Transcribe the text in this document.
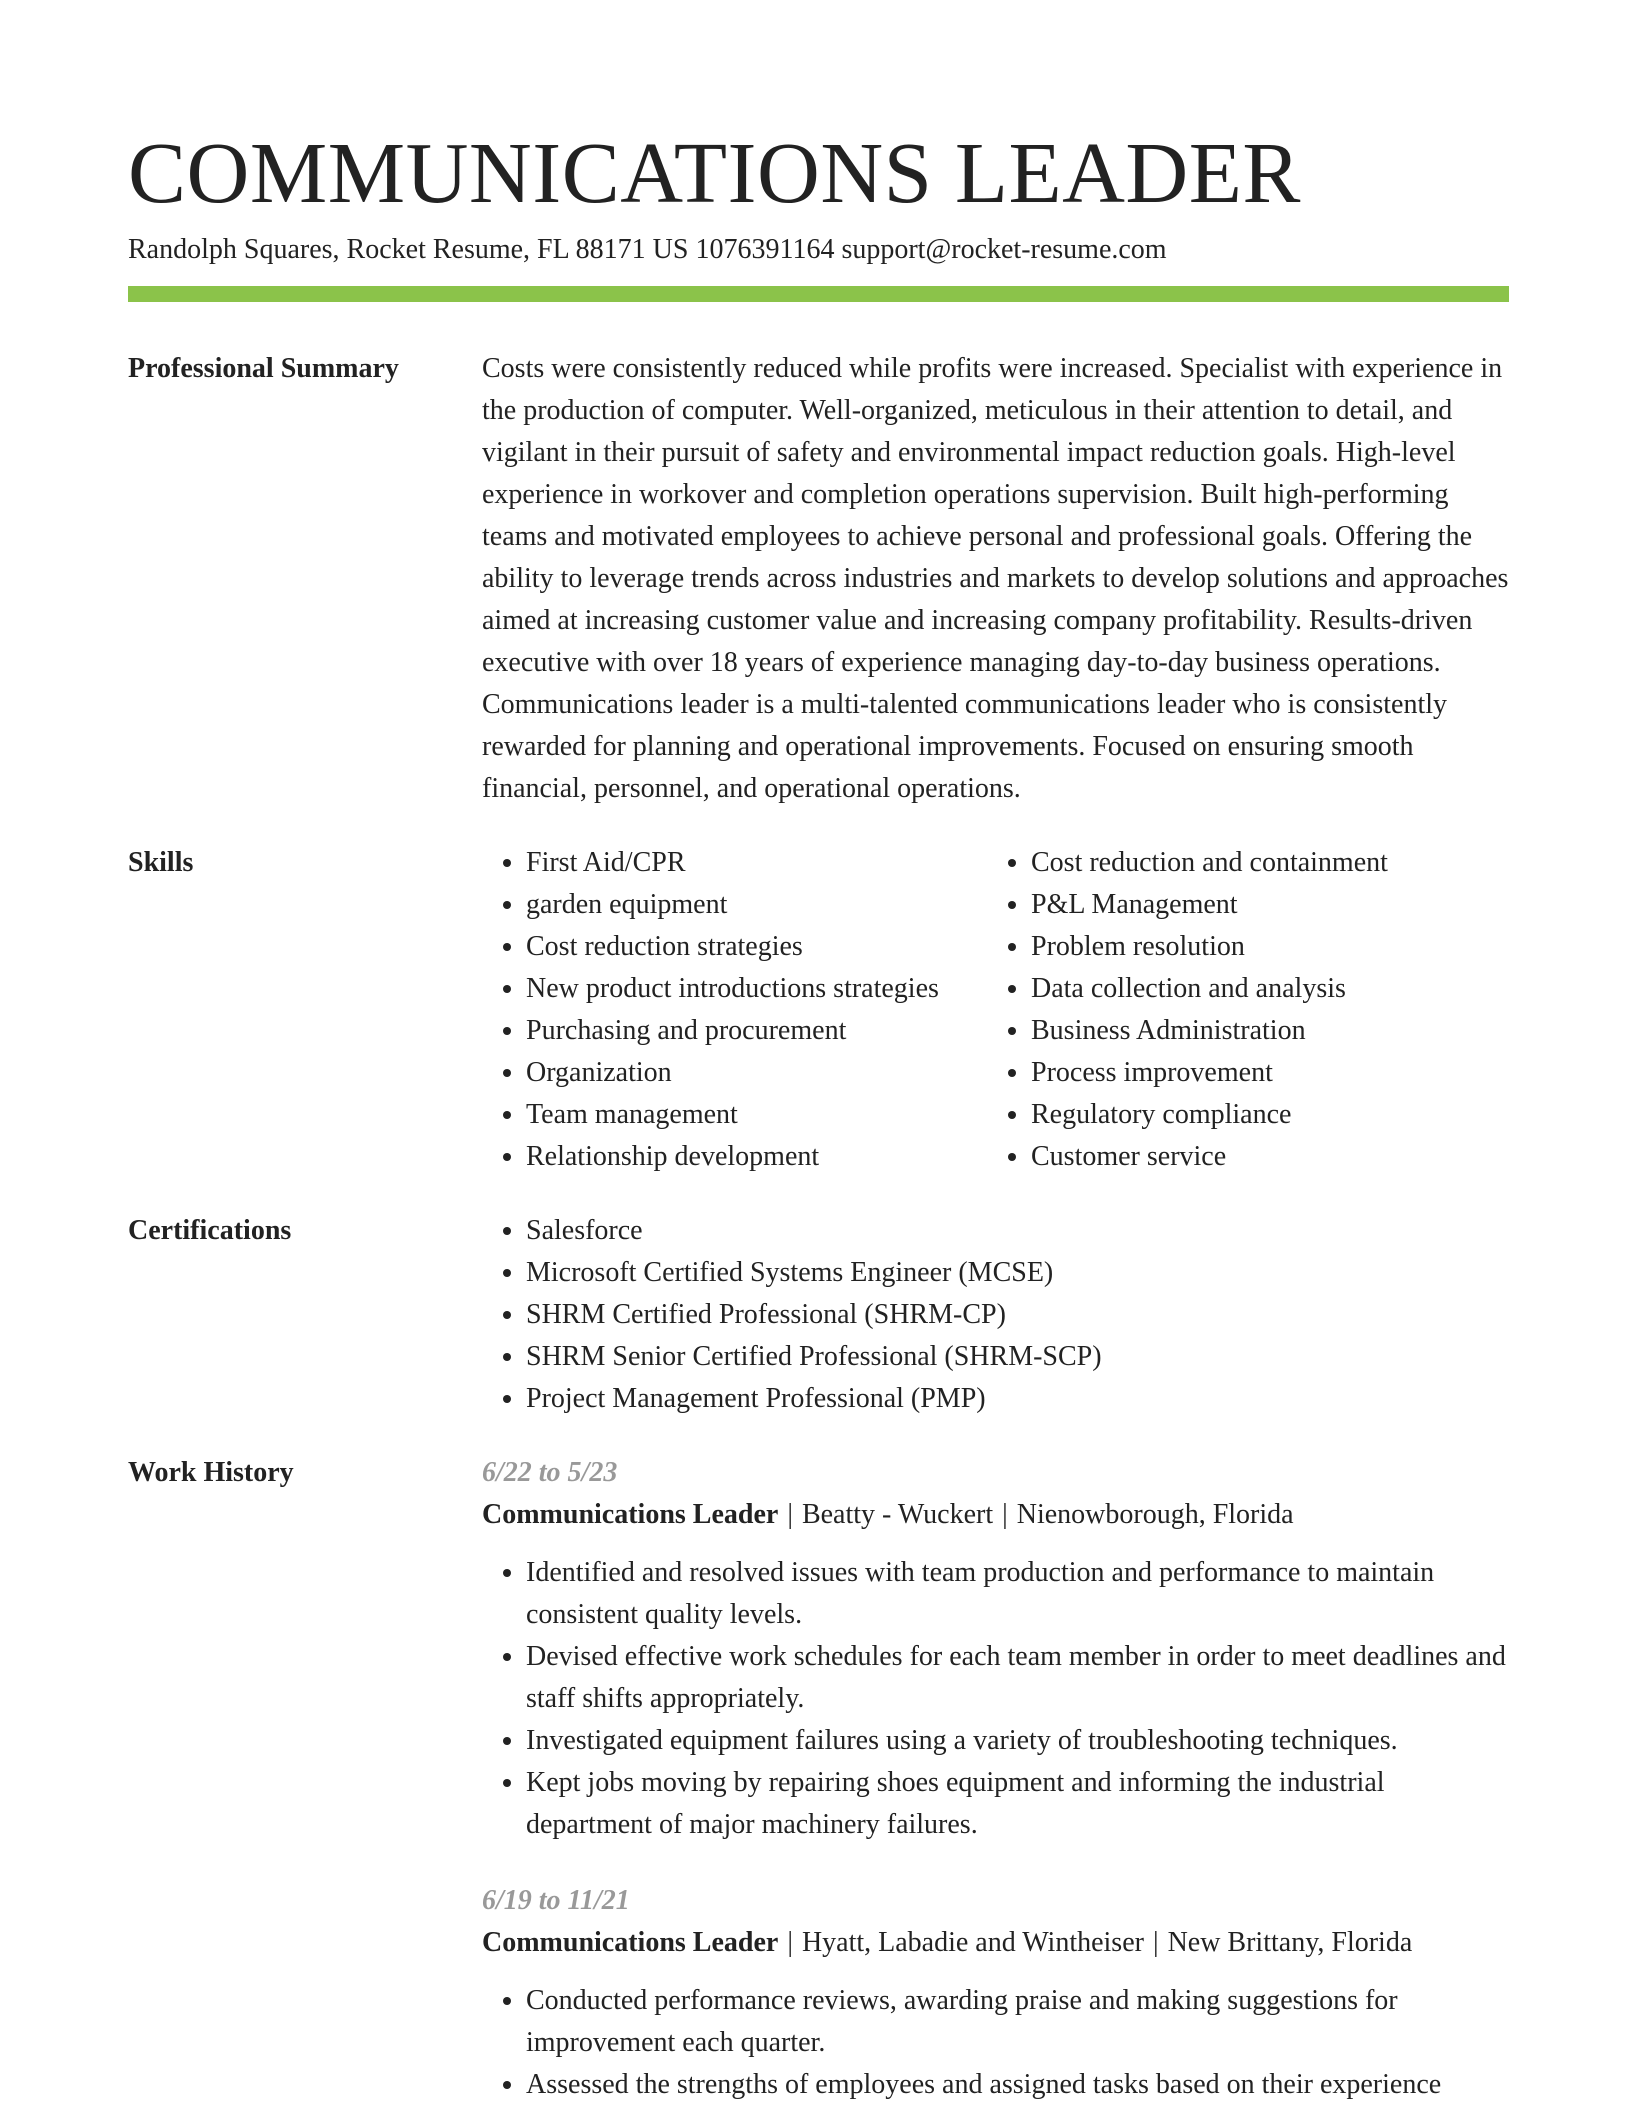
COMMUNICATIONS LEADER
Randolph Squares, Rocket Resume, FL 88171 US 1076391164 support@rocket-resume.com
Professional Summary	Costs were consistently reduced while profits were increased. Specialist with experience in the production of computer. Well-organized, meticulous in their attention to detail, and vigilant in their pursuit of safety and environmental impact reduction goals. High-level experience in workover and completion operations supervision. Built high-performing teams and motivated employees to achieve personal and professional goals. Offering the ability to leverage trends across industries and markets to develop solutions and approaches aimed at increasing customer value and increasing company profitability. Results-driven executive with over 18 years of experience managing day-to-day business operations. Communications leader is a multi-talented communications leader who is consistently rewarded for planning and operational improvements. Focused on ensuring smooth financial, personnel, and operational operations.

Skills	• First Aid/CPR
• garden equipment
• Cost reduction strategies
• New product introductions strategies
• Purchasing and procurement
• Organization
• Team management
• Relationship development
• Cost reduction and containment
• P&L Management
• Problem resolution
• Data collection and analysis
• Business Administration
• Process improvement
• Regulatory compliance
• Customer service
Certifications	• Salesforce
• Microsoft Certified Systems Engineer (MCSE)
• SHRM Certified Professional (SHRM-CP)
• SHRM Senior Certified Professional (SHRM-SCP)
• Project Management Professional (PMP)
Work History	6/22 to 5/23
Communications Leader | Beatty - Wuckert | Nienowborough, Florida
• Identified and resolved issues with team production and performance to maintain consistent quality levels.
• Devised effective work schedules for each team member in order to meet deadlines and staff shifts appropriately.
• Investigated equipment failures using a variety of troubleshooting techniques.
• Kept jobs moving by repairing shoes equipment and informing the industrial department of major machinery failures.
6/19 to 11/21
Communications Leader | Hyatt, Labadie and Wintheiser | New Brittany, Florida
• Conducted performance reviews, awarding praise and making suggestions for improvement each quarter.
• Assessed the strengths of employees and assigned tasks based on their experience
